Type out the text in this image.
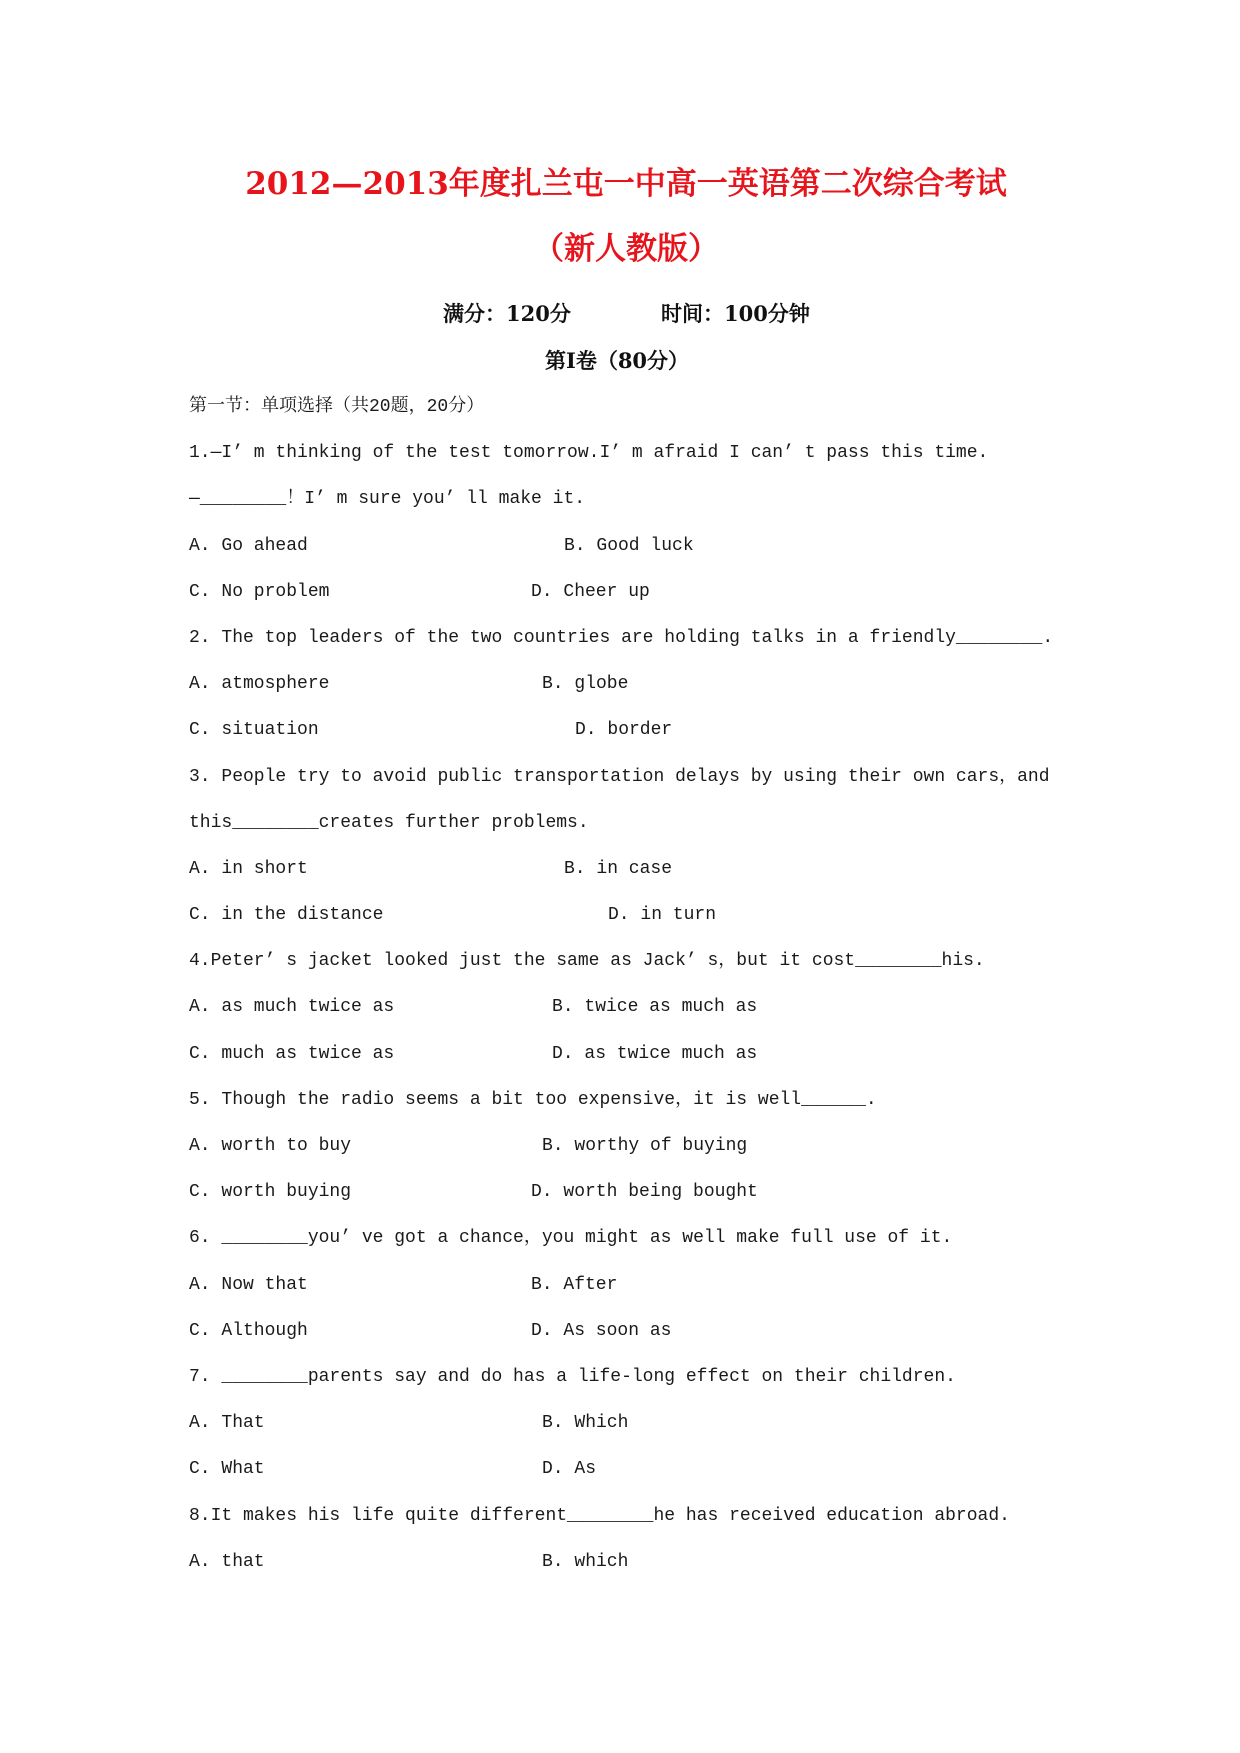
2012—2013年度扎兰屯一中高一英语第二次综合考试
（新人教版）
满分：120分	时间：100分钟
第Ⅰ卷（80分）
第一节：单项选择（共20题，20分）
1.—I’ m thinking of the test tomorrow.I’ m afraid I can’ t pass this time.
—________！I’ m sure you’ ll make it.

A. Go ahead

	B. Good luck

C. No problem

	D. Cheer up

2. The top leaders of the two countries are holding talks in a friendly________.

A. atmosphere

	B. globe

C. situation

	D. border

3. People try to avoid public transportation delays by using their own cars，and
this________creates further problems.

A. in short

	B. in case

C. in the distance

	D. in turn

4.Peter’ s jacket looked just the same as Jack’ s，but it cost________his.

A. as much twice as

	B. twice as much as

C. much as twice as

	D. as twice much as

5. Though the radio seems a bit too expensive，it is well______.

A. worth to buy

	B. worthy of buying

C. worth buying

	D. worth being bought

6. ________you’ ve got a chance，you might as well make full use of it.

A. Now that

	B. After

C. Although

	D. As soon as

7. ________parents say and do has a life-long effect on their children.

A. That

	B. Which

C. What

	D. As

8.It makes his life quite different________he has received education abroad.

A. that

	B. which
